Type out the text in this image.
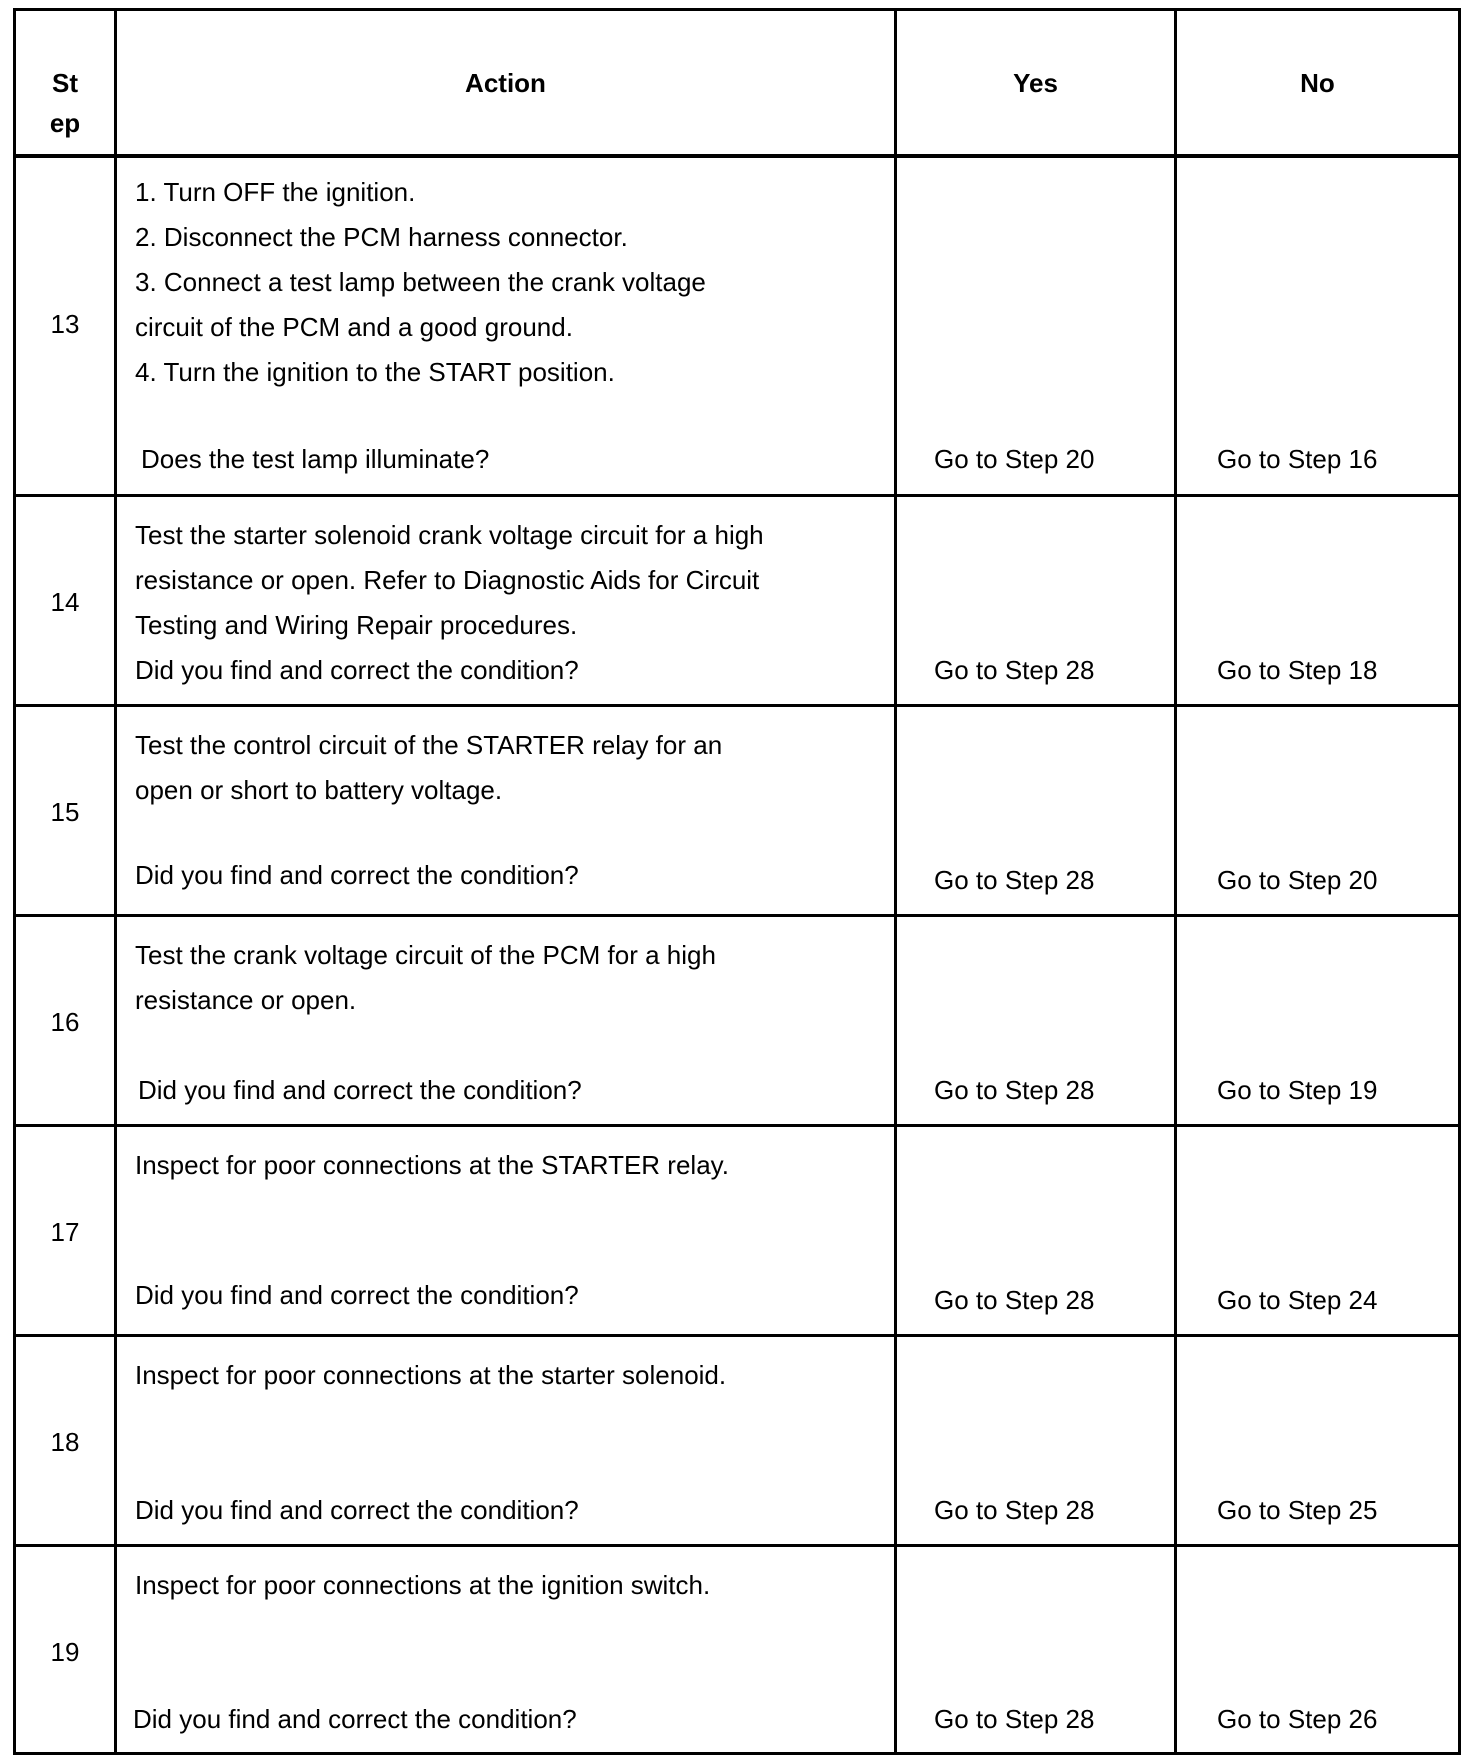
St
ep
Action	Yes	No
13
1. Turn OFF the ignition.
2. Disconnect the PCM harness connector.
3. Connect a test lamp between the crank voltage
circuit of the PCM and a good ground.
4. Turn the ignition to the START position.
Does the test lamp illuminate?	Go to Step 20	Go to Step 16
14
Test the starter solenoid crank voltage circuit for a high
resistance or open. Refer to Diagnostic Aids for Circuit
Testing and Wiring Repair procedures.
Did you find and correct the condition?	Go to Step 28	Go to Step 18
15
Test the control circuit of the STARTER relay for an
open or short to battery voltage.
Did you find and correct the condition?	Go to Step 28	Go to Step 20
16
Test the crank voltage circuit of the PCM for a high
resistance or open.
Did you find and correct the condition?	Go to Step 28	Go to Step 19
17
Inspect for poor connections at the STARTER relay.
Did you find and correct the condition?	Go to Step 28	Go to Step 24
18
Inspect for poor connections at the starter solenoid.
Did you find and correct the condition?	Go to Step 28	Go to Step 25
19
Inspect for poor connections at the ignition switch.
Did you find and correct the condition?	Go to Step 28	Go to Step 26
